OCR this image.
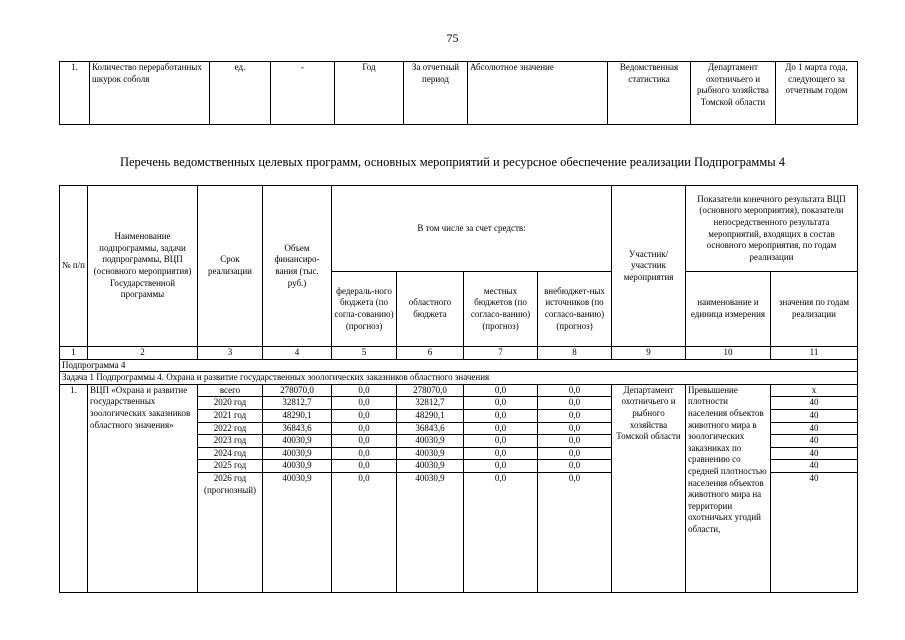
75
1.	Количество переработанных шкурок соболя	ед.	-	Год	За отчетный период	Абсолютное значение	Ведомственная статистика	Департамент охотничьего и рыбного хозяйства Томской области	До 1 марта года, следующего за отчетным годом
Перечень ведомственных целевых программ, основных мероприятий и ресурсное обеспечение реализации Подпрограммы 4
№ п/п	Наименование подпрограммы, задачи подпрограммы, ВЦП (основного мероприятия) Государственной программы	Срок реализации	Объем финансиро-вания (тыс. руб.)	В том числе за счет средств:				Участник/ участник мероприятия	Показатели конечного результата ВЦП (основного мероприятия), показатели непосредственного результата мероприятий, входящих в состав основного мероприятия, по годам реализации	
				федераль-ного бюджета (по согла-сованию) (прогноз)	областного бюджета	местных бюджетов (по согласо-ванию) (прогноз)	внебюджет-ных источников (по согласо-ванию) (прогноз)		наименование и единица измерения	значения по годам реализации
1	2	3	4	5	6	7	8	9	10	11
Подпрограмма 4										
Задача 1 Подпрограммы 4. Охрана и развитие государственных зоологических заказников областного значения										
1.	ВЦП «Охрана и развитие государственных зоологических заказников областного значения»	всего	278070,0	0,0	278070,0	0,0	0,0	Департамент охотничьего и рыбного хозяйства Томской области	Превышение плотности населения объектов животного мира в зоологических заказниках по сравнению со средней плотностью населения объектов животного мира на территории охотничьих угодий области,	x
		2020 год	32812,7	0,0	32812,7	0,0	0,0			40
		2021 год	48290,1	0,0	48290,1	0,0	0,0			40
		2022 год	36843,6	0,0	36843,6	0,0	0,0			40
		2023 год	40030,9	0,0	40030,9	0,0	0,0			40
		2024 год	40030,9	0,0	40030,9	0,0	0,0			40
		2025 год	40030,9	0,0	40030,9	0,0	0,0			40
		2026 год (прогнозный)	40030,9	0,0	40030,9	0,0	0,0			40
